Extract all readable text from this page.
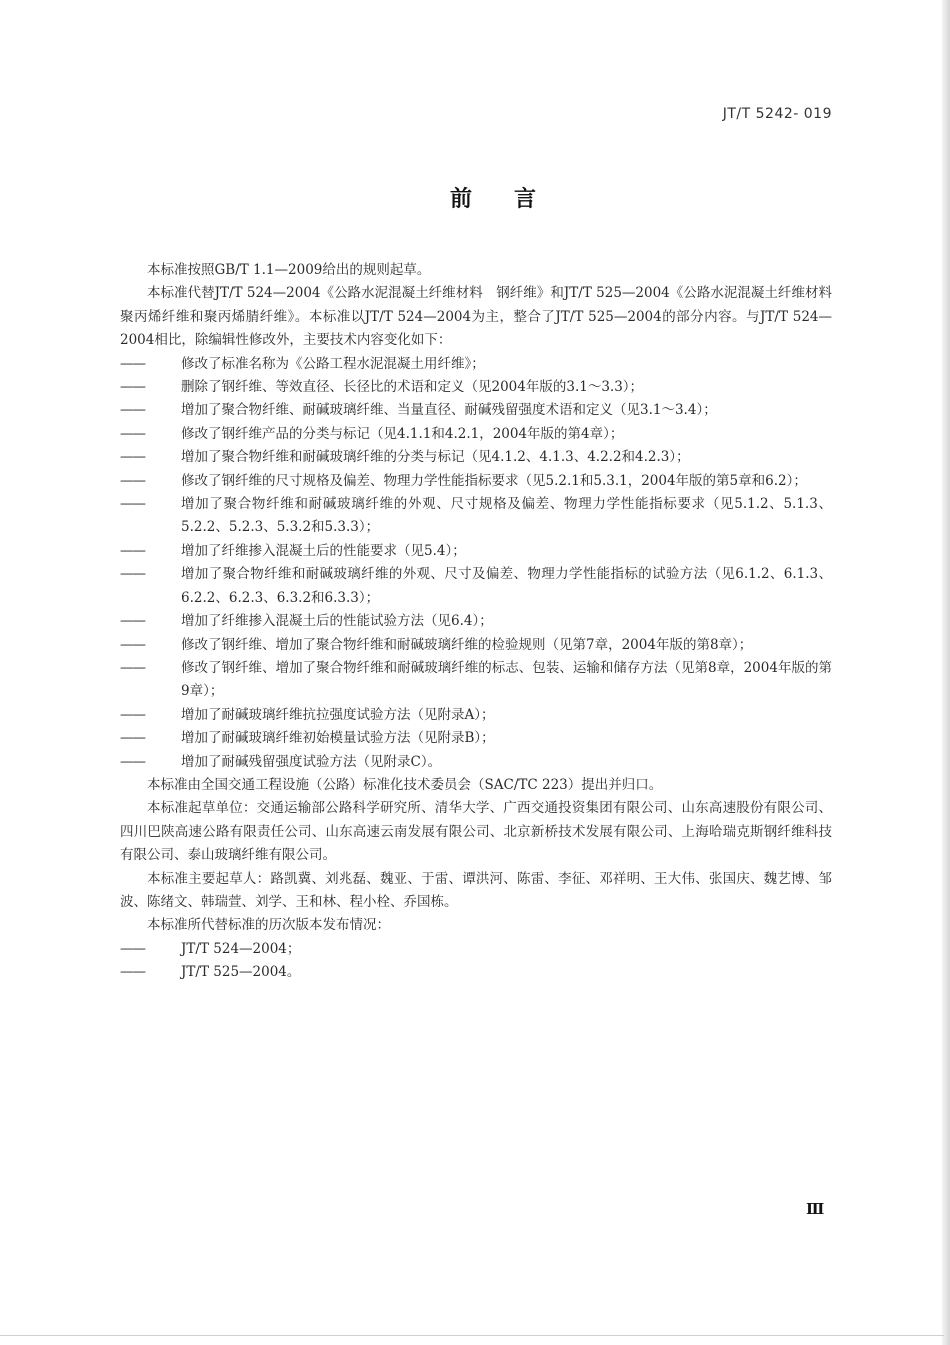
JT/T 5242- 019
前言

本标准按照GB/T 1.1—2009给出的规则起草。

本标准代替JT/T 524—2004《公路水泥混凝土纤维材料　钢纤维》和JT/T 525—2004《公路水泥混凝土纤维材料　聚丙烯纤维和聚丙烯腈纤维》。本标准以JT/T 524—2004为主，整合了JT/T 525—2004的部分内容。与JT/T 524—2004相比，除编辑性修改外，主要技术内容变化如下：

——	修改了标准名称为《公路工程水泥混凝土用纤维》；

——	删除了钢纤维、等效直径、长径比的术语和定义（见2004年版的3.1～3.3）；

——	增加了聚合物纤维、耐碱玻璃纤维、当量直径、耐碱残留强度术语和定义（见3.1～3.4）；

——	修改了钢纤维产品的分类与标记（见4.1.1和4.2.1，2004年版的第4章）；

——	增加了聚合物纤维和耐碱玻璃纤维的分类与标记（见4.1.2、4.1.3、4.2.2和4.2.3）；

——	修改了钢纤维的尺寸规格及偏差、物理力学性能指标要求（见5.2.1和5.3.1，2004年版的第5章和6.2）；

——	增加了聚合物纤维和耐碱玻璃纤维的外观、尺寸规格及偏差、物理力学性能指标要求（见5.1.2、5.1.3、5.2.2、5.2.3、5.3.2和5.3.3）；

——	增加了纤维掺入混凝土后的性能要求（见5.4）；

——	增加了聚合物纤维和耐碱玻璃纤维的外观、尺寸及偏差、物理力学性能指标的试验方法（见6.1.2、6.1.3、6.2.2、6.2.3、6.3.2和6.3.3）；

——	增加了纤维掺入混凝土后的性能试验方法（见6.4）；

——	修改了钢纤维、增加了聚合物纤维和耐碱玻璃纤维的检验规则（见第7章，2004年版的第8章）；

——	修改了钢纤维、增加了聚合物纤维和耐碱玻璃纤维的标志、包装、运输和储存方法（见第8章，2004年版的第9章）；

——	增加了耐碱玻璃纤维抗拉强度试验方法（见附录A）；

——	增加了耐碱玻璃纤维初始模量试验方法（见附录B）；

——	增加了耐碱残留强度试验方法（见附录C）。

本标准由全国交通工程设施（公路）标准化技术委员会（SAC/TC 223）提出并归口。

本标准起草单位：交通运输部公路科学研究所、清华大学、广西交通投资集团有限公司、山东高速股份有限公司、四川巴陕高速公路有限责任公司、山东高速云南发展有限公司、北京新桥技术发展有限公司、上海哈瑞克斯钢纤维科技有限公司、泰山玻璃纤维有限公司。

本标准主要起草人：路凯冀、刘兆磊、魏亚、于雷、谭洪河、陈雷、李征、邓祥明、王大伟、张国庆、魏艺博、邹波、陈绪文、韩瑞萱、刘学、王和林、程小栓、乔国栋。

本标准所代替标准的历次版本发布情况：

——	JT/T 524—2004；

——	JT/T 525—2004。

Ⅲ
